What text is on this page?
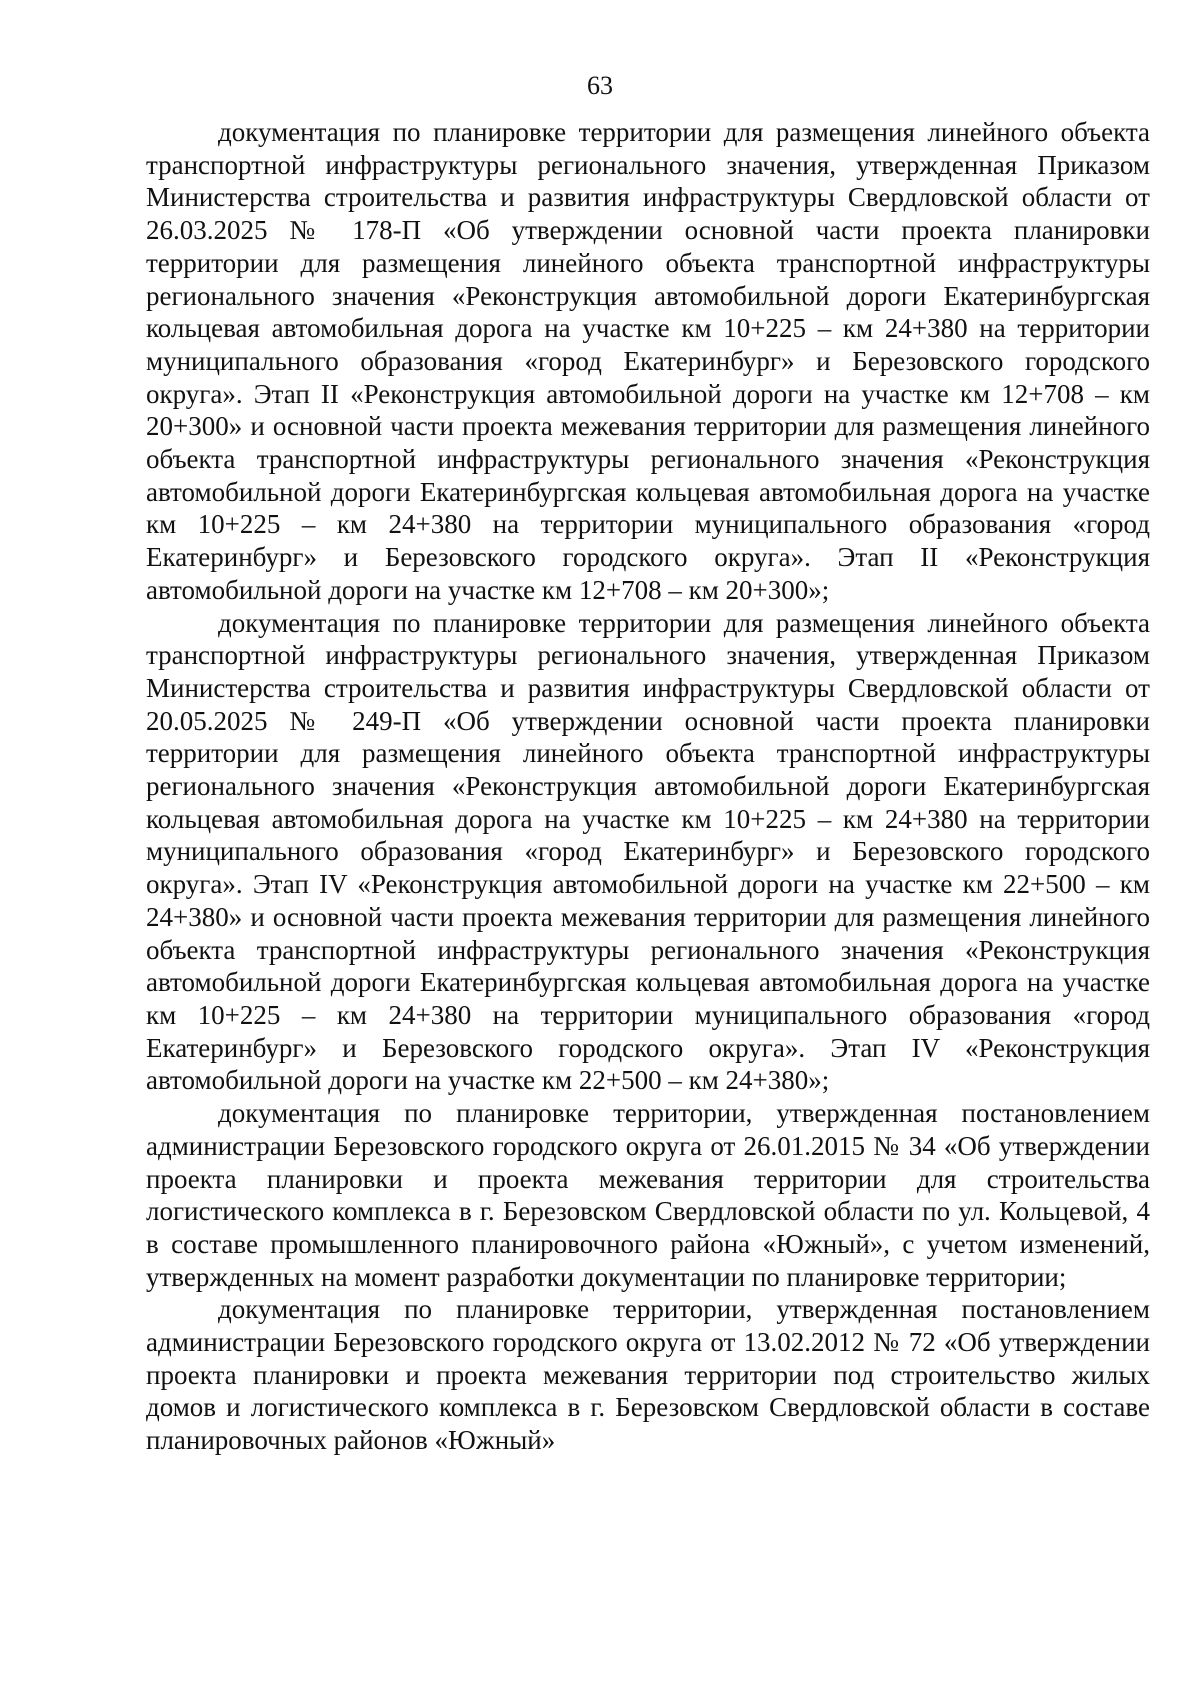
63

документация по планировке территории для размещения линейного объекта транспортной инфраструктуры регионального значения, утвержденная Приказом Министерства строительства и развития инфраструктуры Свердловской области от 26.03.2025 № 178-П «Об утверждении основной части проекта планировки территории для размещения линейного объекта транспортной инфраструктуры регионального значения «Реконструкция автомобильной дороги Екатеринбургская кольцевая автомобильная дорога на участке км 10+225 – км 24+380 на территории муниципального образования «город Екатеринбург» и Березовского городского округа». Этап II «Реконструкция автомобильной дороги на участке км 12+708 – км 20+300» и основной части проекта межевания территории для размещения линейного объекта транспортной инфраструктуры регионального значения «Реконструкция автомобильной дороги Екатеринбургская кольцевая автомобильная дорога на участке км 10+225 – км 24+380 на территории муниципального образования «город Екатеринбург» и Березовского городского округа». Этап II «Реконструкция автомобильной дороги на участке км 12+708 – км 20+300»;

документация по планировке территории для размещения линейного объекта транспортной инфраструктуры регионального значения, утвержденная Приказом Министерства строительства и развития инфраструктуры Свердловской области от 20.05.2025 № 249-П «Об утверждении основной части проекта планировки территории для размещения линейного объекта транспортной инфраструктуры регионального значения «Реконструкция автомобильной дороги Екатеринбургская кольцевая автомобильная дорога на участке км 10+225 – км 24+380 на территории муниципального образования «город Екатеринбург» и Березовского городского округа». Этап IV «Реконструкция автомобильной дороги на участке км 22+500 – км 24+380» и основной части проекта межевания территории для размещения линейного объекта транспортной инфраструктуры регионального значения «Реконструкция автомобильной дороги Екатеринбургская кольцевая автомобильная дорога на участке км 10+225 – км 24+380 на территории муниципального образования «город Екатеринбург» и Березовского городского округа». Этап IV «Реконструкция автомобильной дороги на участке км 22+500 – км 24+380»;

документация по планировке территории, утвержденная постановлением администрации Березовского городского округа от 26.01.2015 № 34 «Об утверждении проекта планировки и проекта межевания территории для строительства логистического комплекса в г. Березовском Свердловской области по ул. Кольцевой, 4 в составе промышленного планировочного района «Южный», с учетом изменений, утвержденных на момент разработки документации по планировке территории;

документация по планировке территории, утвержденная постановлением администрации Березовского городского округа от 13.02.2012 № 72 «Об утверждении проекта планировки и проекта межевания территории под строительство жилых домов и логистического комплекса в г. Березовском Свердловской области в составе планировочных районов «Южный»
